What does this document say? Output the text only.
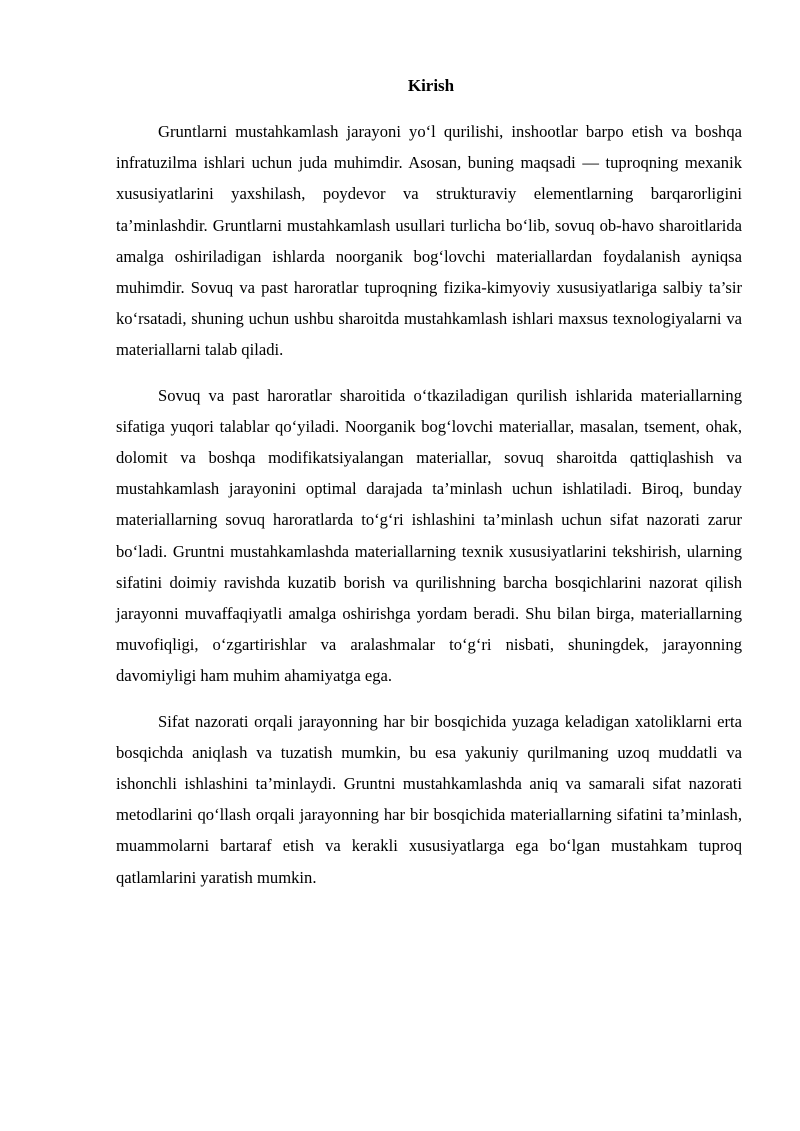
Kirish

Gruntlarni mustahkamlash jarayoni yo‘l qurilishi, inshootlar barpo etish va boshqa infratuzilma ishlari uchun juda muhimdir. Asosan, buning maqsadi — tuproqning mexanik xususiyatlarini yaxshilash, poydevor va strukturaviy elementlarning barqarorligini ta’minlashdir. Gruntlarni mustahkamlash usullari turlicha bo‘lib, sovuq ob-havo sharoitlarida amalga oshiriladigan ishlarda noorganik bog‘lovchi materiallardan foydalanish ayniqsa muhimdir. Sovuq va past haroratlar tuproqning fizika-kimyoviy xususiyatlariga salbiy ta’sir ko‘rsatadi, shuning uchun ushbu sharoitda mustahkamlash ishlari maxsus texnologiyalarni va materiallarni talab qiladi.

Sovuq va past haroratlar sharoitida o‘tkaziladigan qurilish ishlarida materiallarning sifatiga yuqori talablar qo‘yiladi. Noorganik bog‘lovchi materiallar, masalan, tsement, ohak, dolomit va boshqa modifikatsiyalangan materiallar, sovuq sharoitda qattiqlashish va mustahkamlash jarayonini optimal darajada ta’minlash uchun ishlatiladi. Biroq, bunday materiallarning sovuq haroratlarda to‘g‘ri ishlashini ta’minlash uchun sifat nazorati zarur bo‘ladi. Gruntni mustahkamlashda materiallarning texnik xususiyatlarini tekshirish, ularning sifatini doimiy ravishda kuzatib borish va qurilishning barcha bosqichlarini nazorat qilish jarayonni muvaffaqiyatli amalga oshirishga yordam beradi. Shu bilan birga, materiallarning muvofiqligi, o‘zgartirishlar va aralashmalar to‘g‘ri nisbati, shuningdek, jarayonning davomiyligi ham muhim ahamiyatga ega.

Sifat nazorati orqali jarayonning har bir bosqichida yuzaga keladigan xatoliklarni erta bosqichda aniqlash va tuzatish mumkin, bu esa yakuniy qurilmaning uzoq muddatli va ishonchli ishlashini ta’minlaydi. Gruntni mustahkamlashda aniq va samarali sifat nazorati metodlarini qo‘llash orqali jarayonning har bir bosqichida materiallarning sifatini ta’minlash, muammolarni bartaraf etish va kerakli xususiyatlarga ega bo‘lgan mustahkam tuproq qatlamlarini yaratish mumkin.
